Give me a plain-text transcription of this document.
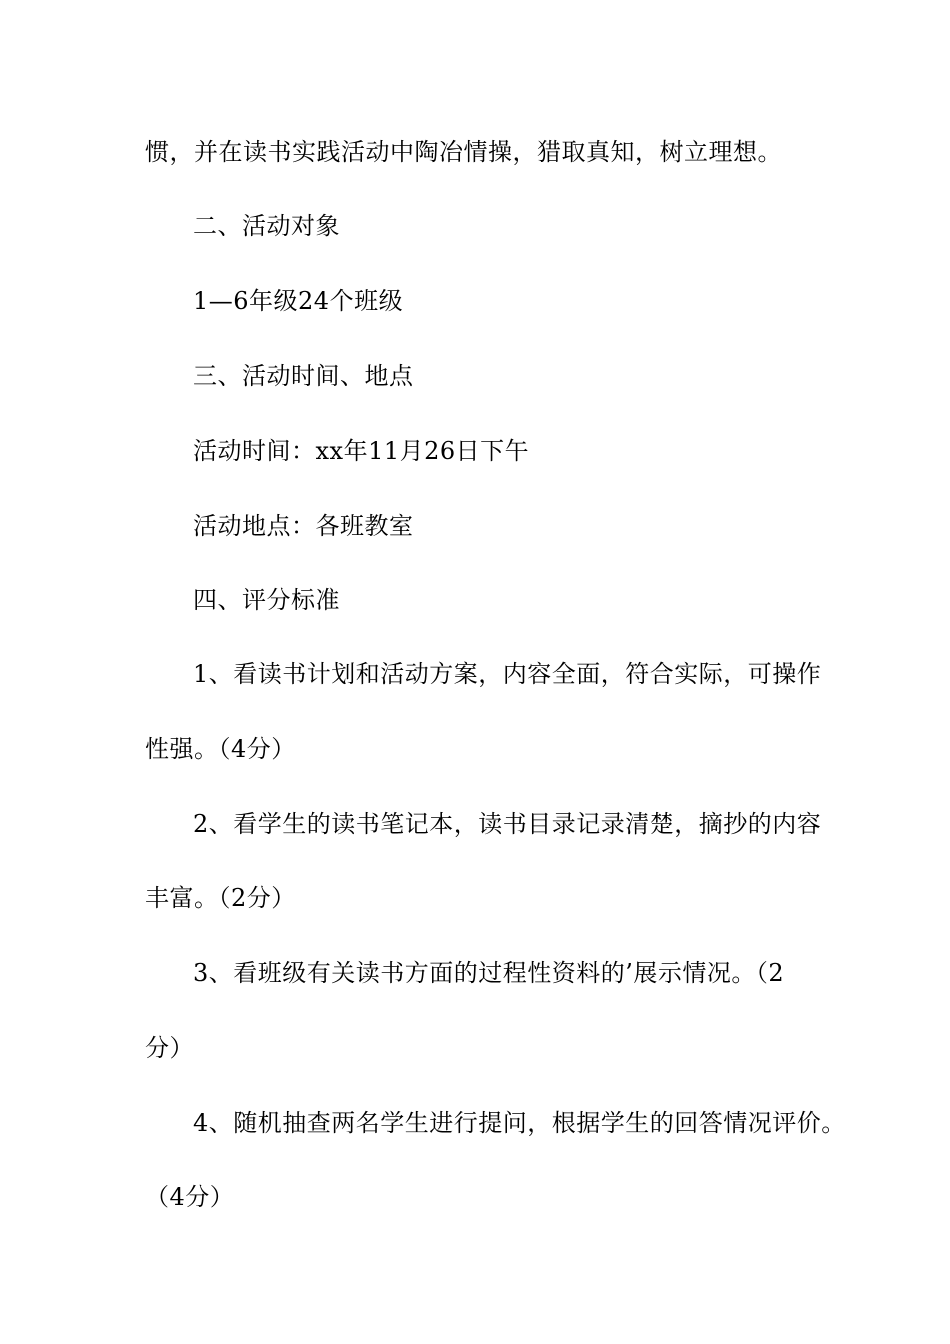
惯，并在读书实践活动中陶冶情操，猎取真知，树立理想。
二、活动对象
1—6年级24个班级
三、活动时间、地点
活动时间：xx年11月26日下午
活动地点：各班教室
四、评分标准
1、看读书计划和活动方案，内容全面，符合实际，可操作
性强。（4分）
2、看学生的读书笔记本，读书目录记录清楚，摘抄的内容
丰富。（2分）
3、看班级有关读书方面的过程性资料的’展示情况。（2
分）
4、随机抽查两名学生进行提问，根据学生的回答情况评价。
（4分）
